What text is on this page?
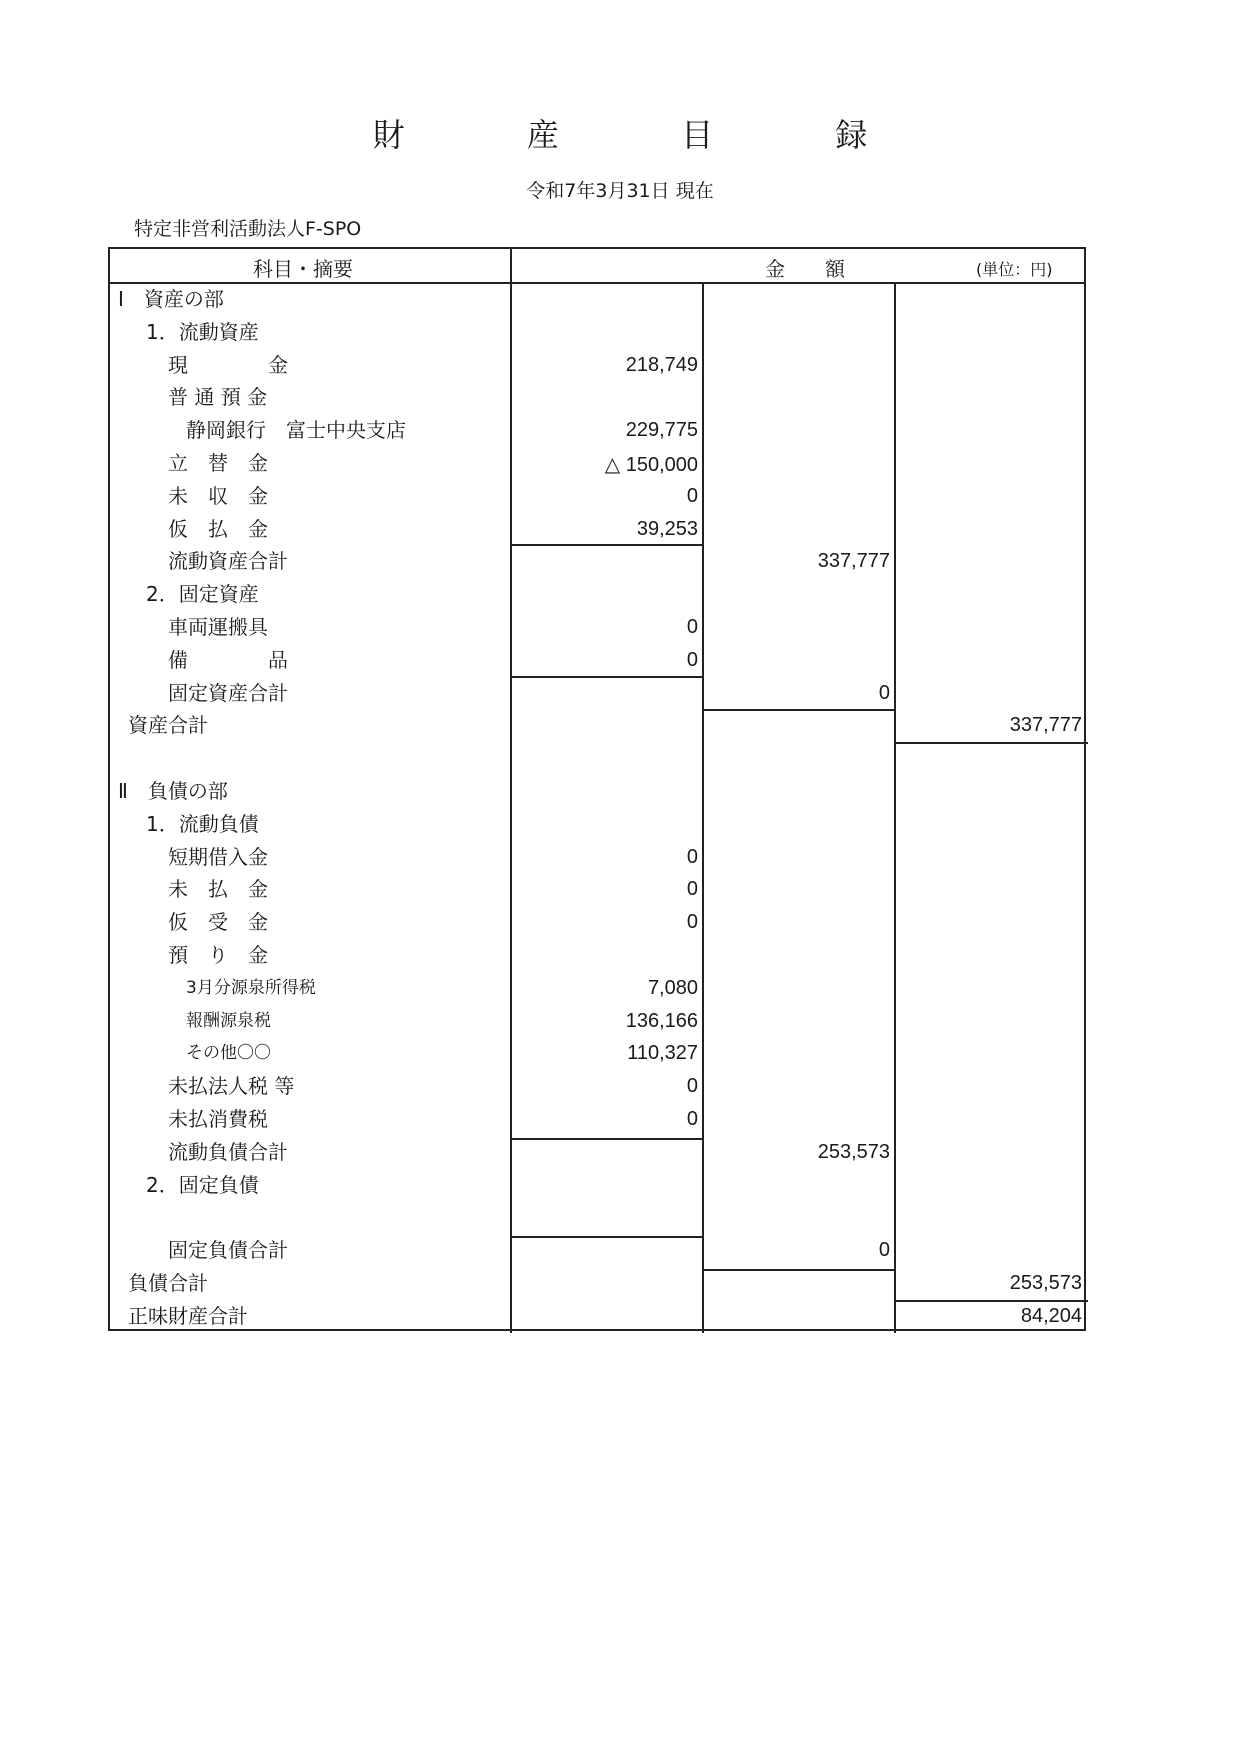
財 産 目 録
令和7年3月31日 現在
特定非営利活動法人F-SPO
科目・摘要	金　　額	(単位：円)
Ⅰ　資産の部
1．流動資産
現　　　　金	218,749
普 通 預 金
静岡銀行　富士中央支店	229,775
立　替　金	△ 150,000
未　収　金	0
仮　払　金	39,253
流動資産合計	337,777
2．固定資産
車両運搬具	0
備　　　　品	0
固定資産合計	0
資産合計	337,777
Ⅱ　負債の部
1．流動負債
短期借入金	0
未　払　金	0
仮　受　金	0
預　り　金
3月分源泉所得税	7,080
報酬源泉税	136,166
その他〇〇	110,327
未払法人税 等	0
未払消費税	0
流動負債合計	253,573
2．固定負債
固定負債合計	0
負債合計	253,573
正味財産合計	84,204
